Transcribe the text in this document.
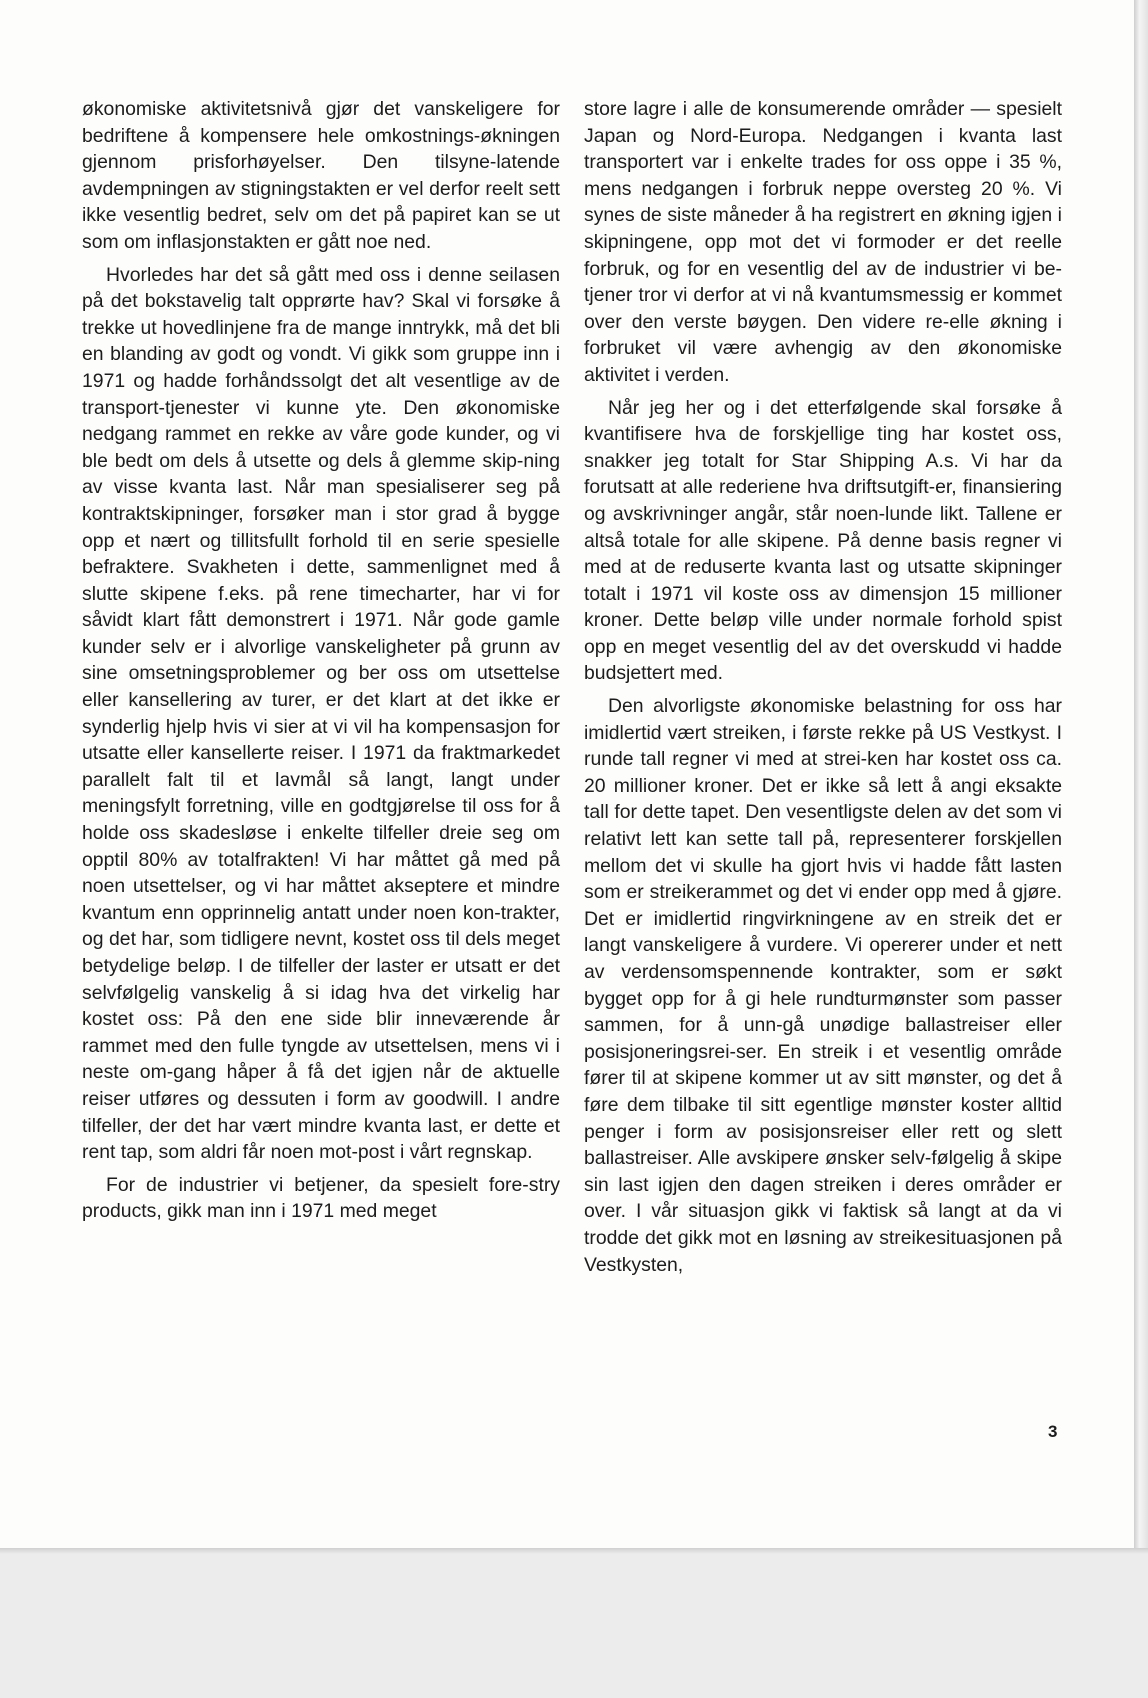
økonomiske aktivitetsnivå gjør det vanskeligere for bedriftene å kompensere hele omkostnings-økningen gjennom prisforhøyelser. Den tilsyne-latende avdempningen av stigningstakten er vel derfor reelt sett ikke vesentlig bedret, selv om det på papiret kan se ut som om inflasjonstakten er gått noe ned.

Hvorledes har det så gått med oss i denne seilasen på det bokstavelig talt opprørte hav? Skal vi forsøke å trekke ut hovedlinjene fra de mange inntrykk, må det bli en blanding av godt og vondt. Vi gikk som gruppe inn i 1971 og hadde forhåndssolgt det alt vesentlige av de transport-tjenester vi kunne yte. Den økonomiske nedgang rammet en rekke av våre gode kunder, og vi ble bedt om dels å utsette og dels å glemme skip-ning av visse kvanta last. Når man spesialiserer seg på kontraktskipninger, forsøker man i stor grad å bygge opp et nært og tillitsfullt forhold til en serie spesielle befraktere. Svakheten i dette, sammenlignet med å slutte skipene f.eks. på rene timecharter, har vi for såvidt klart fått demonstrert i 1971. Når gode gamle kunder selv er i alvorlige vanskeligheter på grunn av sine omsetningsproblemer og ber oss om utsettelse eller kansellering av turer, er det klart at det ikke er synderlig hjelp hvis vi sier at vi vil ha kompensasjon for utsatte eller kansellerte reiser. I 1971 da fraktmarkedet parallelt falt til et lavmål så langt, langt under meningsfylt forretning, ville en godtgjørelse til oss for å holde oss skadesløse i enkelte tilfeller dreie seg om opptil 80% av totalfrakten! Vi har måttet gå med på noen utsettelser, og vi har måttet akseptere et mindre kvantum enn opprinnelig antatt under noen kon-trakter, og det har, som tidligere nevnt, kostet oss til dels meget betydelige beløp. I de tilfeller der laster er utsatt er det selvfølgelig vanskelig å si idag hva det virkelig har kostet oss: På den ene side blir inneværende år rammet med den fulle tyngde av utsettelsen, mens vi i neste om-gang håper å få det igjen når de aktuelle reiser utføres og dessuten i form av goodwill. I andre tilfeller, der det har vært mindre kvanta last, er dette et rent tap, som aldri får noen mot-post i vårt regnskap.

For de industrier vi betjener, da spesielt fore-stry products, gikk man inn i 1971 med meget

store lagre i alle de konsumerende områder — spesielt Japan og Nord-Europa. Nedgangen i kvanta last transportert var i enkelte trades for oss oppe i 35 %, mens nedgangen i forbruk neppe oversteg 20 %. Vi synes de siste måneder å ha registrert en økning igjen i skipningene, opp mot det vi formoder er det reelle forbruk, og for en vesentlig del av de industrier vi be-tjener tror vi derfor at vi nå kvantumsmessig er kommet over den verste bøygen. Den videre re-elle økning i forbruket vil være avhengig av den økonomiske aktivitet i verden.

Når jeg her og i det etterfølgende skal forsøke å kvantifisere hva de forskjellige ting har kostet oss, snakker jeg totalt for Star Shipping A.s. Vi har da forutsatt at alle rederiene hva driftsutgift-er, finansiering og avskrivninger angår, står noen-lunde likt. Tallene er altså totale for alle skipene. På denne basis regner vi med at de reduserte kvanta last og utsatte skipninger totalt i 1971 vil koste oss av dimensjon 15 millioner kroner. Dette beløp ville under normale forhold spist opp en meget vesentlig del av det overskudd vi hadde budsjettert med.

Den alvorligste økonomiske belastning for oss har imidlertid vært streiken, i første rekke på US Vestkyst. I runde tall regner vi med at strei-ken har kostet oss ca. 20 millioner kroner. Det er ikke så lett å angi eksakte tall for dette tapet. Den vesentligste delen av det som vi relativt lett kan sette tall på, representerer forskjellen mellom det vi skulle ha gjort hvis vi hadde fått lasten som er streikerammet og det vi ender opp med å gjøre. Det er imidlertid ringvirkningene av en streik det er langt vanskeligere å vurdere. Vi opererer under et nett av verdensomspennende kontrakter, som er søkt bygget opp for å gi hele rundturmønster som passer sammen, for å unn-gå unødige ballastreiser eller posisjoneringsrei-ser. En streik i et vesentlig område fører til at skipene kommer ut av sitt mønster, og det å føre dem tilbake til sitt egentlige mønster koster alltid penger i form av posisjonsreiser eller rett og slett ballastreiser. Alle avskipere ønsker selv-følgelig å skipe sin last igjen den dagen streiken i deres områder er over. I vår situasjon gikk vi faktisk så langt at da vi trodde det gikk mot en løsning av streikesituasjonen på Vestkysten,

3
